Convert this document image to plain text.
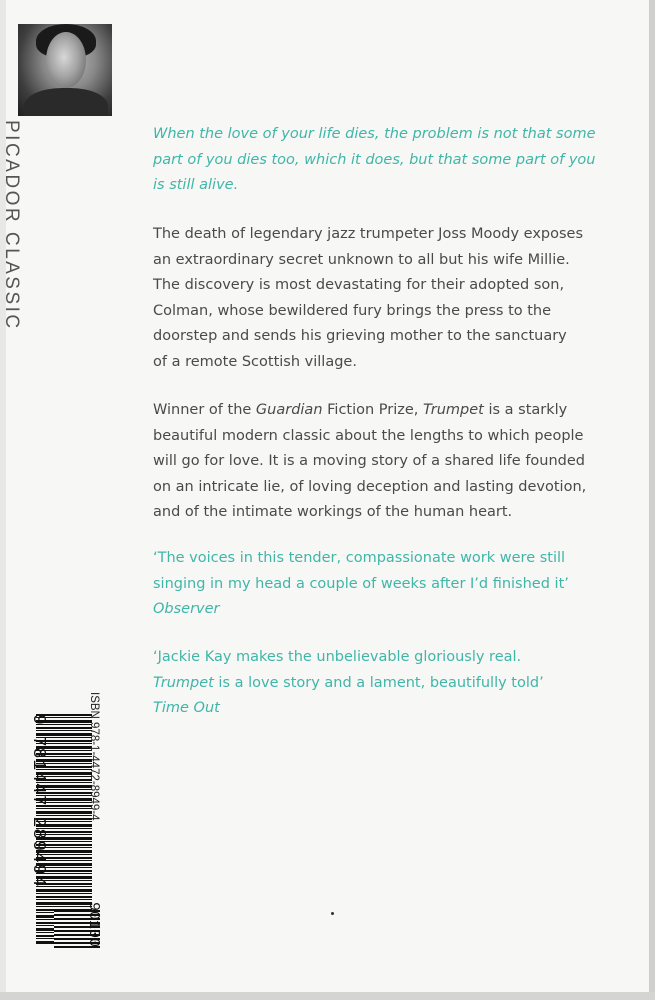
PICADOR CLASSIC	When the love of your life dies, the problem is not that some
part of you dies too, which it does, but that some part of you
is still alive.
The death of legendary jazz trumpeter Joss Moody exposes
an extraordinary secret unknown to all but his wife Millie.
The discovery is most devastating for their adopted son,
Colman, whose bewildered fury brings the press to the
doorstep and sends his grieving mother to the sanctuary
of a remote Scottish village.
Winner of the Guardian Fiction Prize, Trumpet is a starkly
beautiful modern classic about the lengths to which people
will go for love. It is a moving story of a shared life founded
on an intricate lie, of loving deception and lasting devotion,
and of the intimate workings of the human heart.
‘The voices in this tender, compassionate work were still
singing in my head a couple of weeks after I’d finished it’
Observer
‘Jackie Kay makes the unbelievable gloriously real.
Trumpet is a love story and a lament, beautifully told’
Time Out
ISBN 978-1-4472-8949-4
9781447289494
90100
